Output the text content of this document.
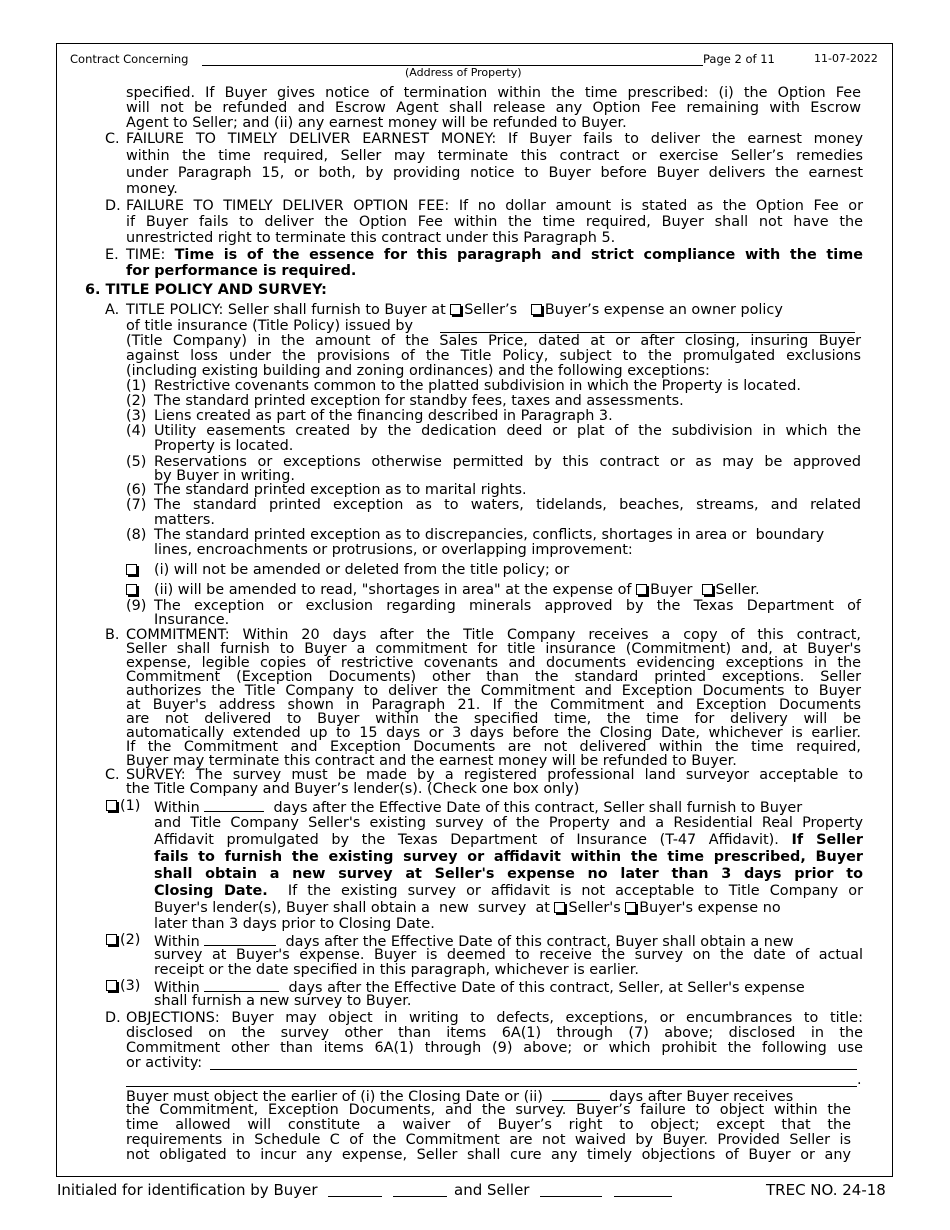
Contract Concerning	Page 2 of 11	11-07-2022
(Address of Property)
specified. If Buyer gives notice of termination within the time prescribed: (i) the Option Fee
will not be refunded and Escrow Agent shall release any Option Fee remaining with Escrow
Agent to Seller; and (ii) any earnest money will be refunded to Buyer.
C. FAILURE TO TIMELY DELIVER EARNEST MONEY: If Buyer fails to deliver the earnest money
within the time required, Seller may terminate this contract or exercise Seller’s remedies
under Paragraph 15, or both, by providing notice to Buyer before Buyer delivers the earnest
money.
D. FAILURE TO TIMELY DELIVER OPTION FEE: If no dollar amount is stated as the Option Fee or
if Buyer fails to deliver the Option Fee within the time required, Buyer shall not have the
unrestricted right to terminate this contract under this Paragraph 5.
E. TIME: Time is of the essence for this paragraph and strict compliance with the time
for performance is required.
6. TITLE POLICY AND SURVEY:
A. TITLE POLICY: Seller shall furnish to Buyer at Seller’s Buyer’s expense an owner policy
of title insurance (Title Policy) issued by
(Title Company) in the amount of the Sales Price, dated at or after closing, insuring Buyer
against loss under the provisions of the Title Policy, subject to the promulgated exclusions
(including existing building and zoning ordinances) and the following exceptions:
(1) Restrictive covenants common to the platted subdivision in which the Property is located.
(2) The standard printed exception for standby fees, taxes and assessments.
(3) Liens created as part of the financing described in Paragraph 3.
(4) Utility easements created by the dedication deed or plat of the subdivision in which the
Property is located.
(5) Reservations or exceptions otherwise permitted by this contract or as may be approved
by Buyer in writing.
(6) The standard printed exception as to marital rights.
(7) The standard printed exception as to waters, tidelands, beaches, streams, and related
matters.
(8) The standard printed exception as to discrepancies, conflicts, shortages in area or  boundary
lines, encroachments or protrusions, or overlapping improvement:
(i) will not be amended or deleted from the title policy; or
(ii) will be amended to read, "shortages in area" at the expense of Buyer Seller.
(9) The exception or exclusion regarding minerals approved by the Texas Department of
Insurance.
B. COMMITMENT: Within 20 days after the Title Company receives a copy of this contract,
Seller shall furnish to Buyer a commitment for title insurance (Commitment) and, at Buyer's
expense, legible copies of restrictive covenants and documents evidencing exceptions in the
Commitment (Exception Documents) other than the standard printed exceptions. Seller
authorizes the Title Company to deliver the Commitment and Exception Documents to Buyer
at Buyer's address shown in Paragraph 21. If the Commitment and Exception Documents
are not delivered to Buyer within the specified time, the time for delivery will be
automatically extended up to 15 days or 3 days before the Closing Date, whichever is earlier.
If the Commitment and Exception Documents are not delivered within the time required,
Buyer may terminate this contract and the earnest money will be refunded to Buyer.
C. SURVEY: The survey must be made by a registered professional land surveyor acceptable to
the Title Company and Buyer’s lender(s). (Check one box only)
(1) Within	days after the Effective Date of this contract, Seller shall furnish to Buyer
and Title Company Seller's existing survey of the Property and a Residential Real Property
Affidavit promulgated by the Texas Department of Insurance (T-47 Affidavit). If Seller
fails to furnish the existing survey or affidavit within the time prescribed, Buyer
shall obtain a new survey at Seller's expense no later than 3 days prior to
Closing Date.  If the existing survey or affidavit is not acceptable to Title Company or
Buyer's lender(s), Buyer shall obtain a  new  survey  at Seller's Buyer's expense no
later than 3 days prior to Closing Date.
(2) Within	days after the Effective Date of this contract, Buyer shall obtain a new
survey at Buyer's expense. Buyer is deemed to receive the survey on the date of actual
receipt or the date specified in this paragraph, whichever is earlier.
(3) Within	days after the Effective Date of this contract, Seller, at Seller's expense
shall furnish a new survey to Buyer.
D. OBJECTIONS: Buyer may object in writing to defects, exceptions, or encumbrances to title:
disclosed on the survey other than items 6A(1) through (7) above; disclosed in the
Commitment other than items 6A(1) through (9) above; or which prohibit the following use
or activity:
.
Buyer must object the earlier of (i) the Closing Date or (ii)	days after Buyer receives
the Commitment, Exception Documents, and the survey. Buyer’s failure to object within the
time allowed will constitute a waiver of Buyer’s right to object; except that the
requirements in Schedule C of the Commitment are not waived by Buyer. Provided Seller is
not obligated to incur any expense, Seller shall cure any timely objections of Buyer or any
Initialed for identification by Buyer	and Seller	TREC NO. 24-18
